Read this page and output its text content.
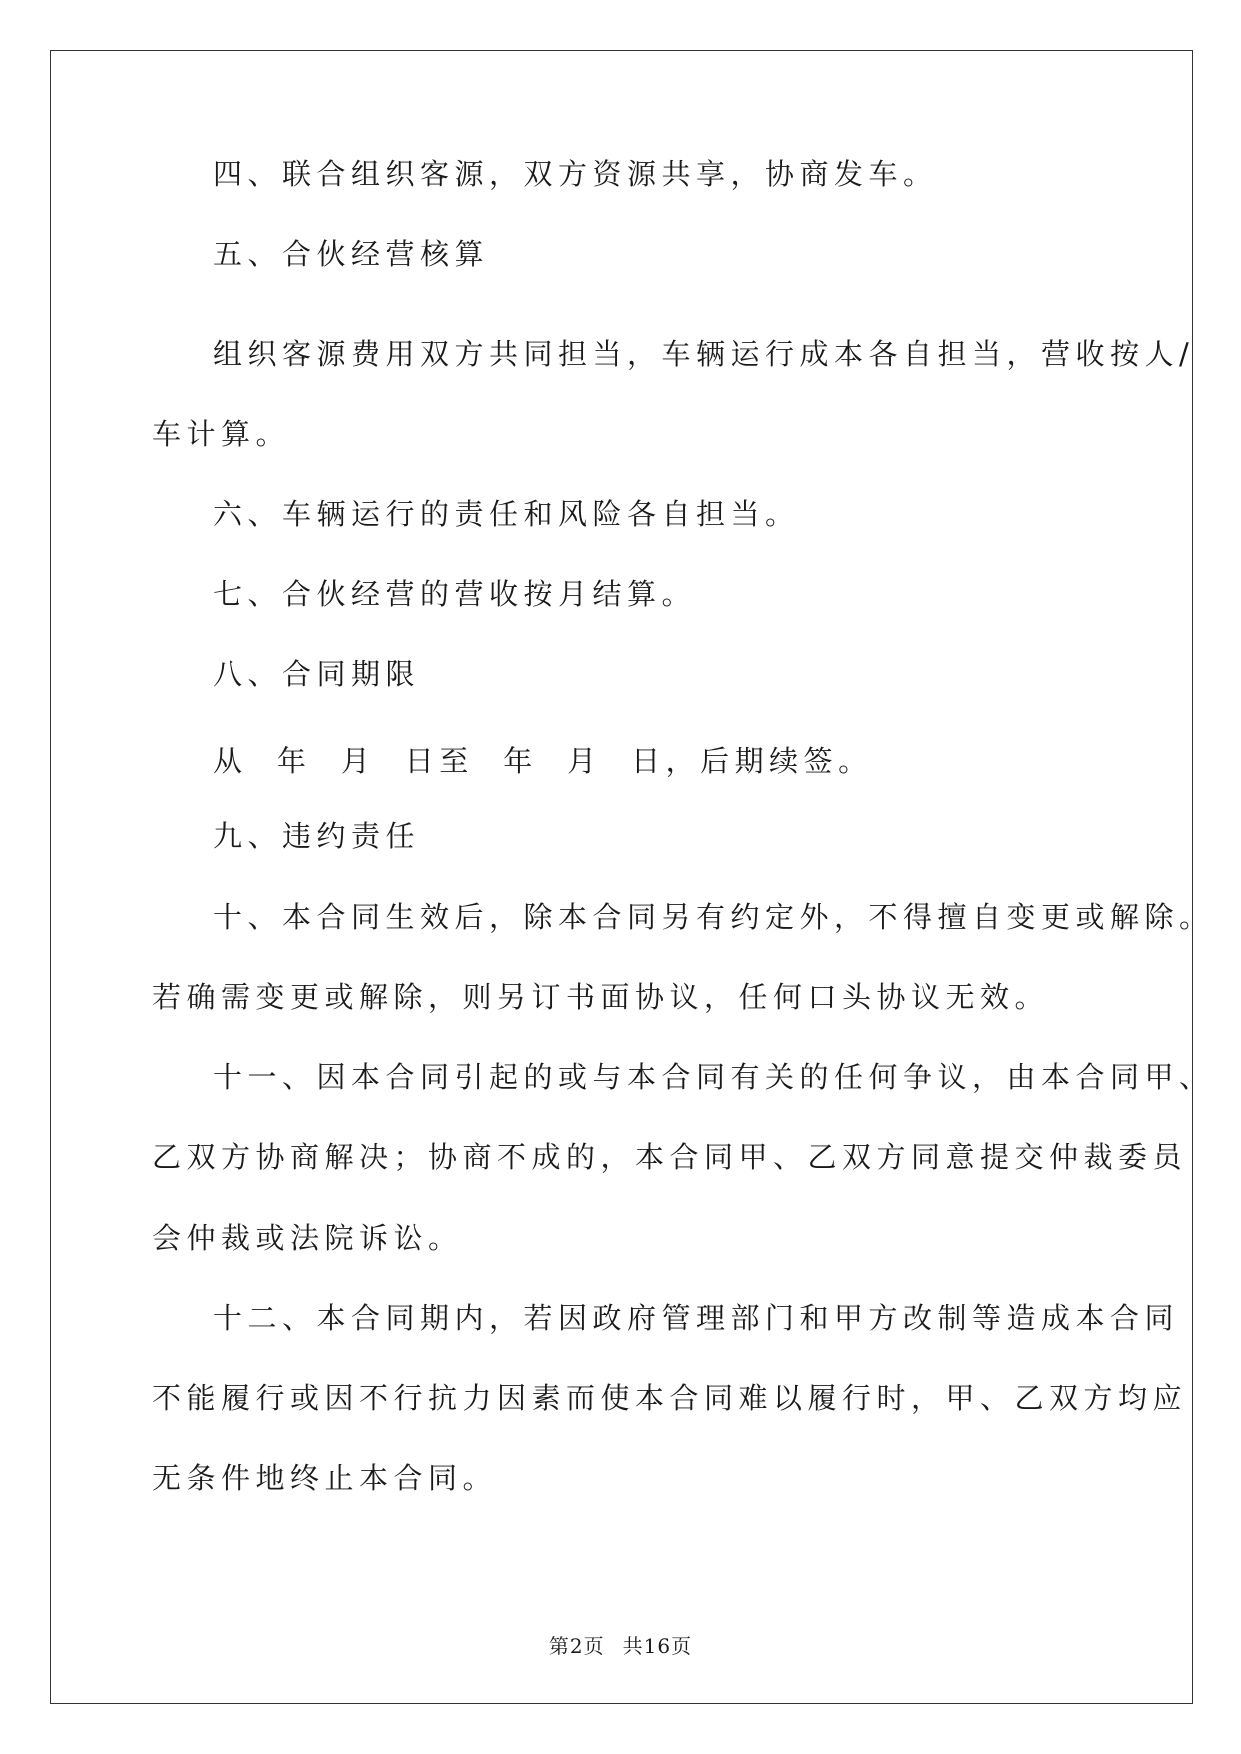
四、联合组织客源，双方资源共享，协商发车。
五、合伙经营核算
组织客源费用双方共同担当，车辆运行成本各自担当，营收按人/
车计算。
六、车辆运行的责任和风险各自担当。
七、合伙经营的营收按月结算。
八、合同期限
从  年  月  日至  年  月  日，后期续签。
九、违约责任
十、本合同生效后，除本合同另有约定外，不得擅自变更或解除。
若确需变更或解除，则另订书面协议，任何口头协议无效。
十一、因本合同引起的或与本合同有关的任何争议，由本合同甲、
乙双方协商解决；协商不成的，本合同甲、乙双方同意提交仲裁委员
会仲裁或法院诉讼。
十二、本合同期内，若因政府管理部门和甲方改制等造成本合同
不能履行或因不行抗力因素而使本合同难以履行时，甲、乙双方均应
无条件地终止本合同。
第2页 共16页
